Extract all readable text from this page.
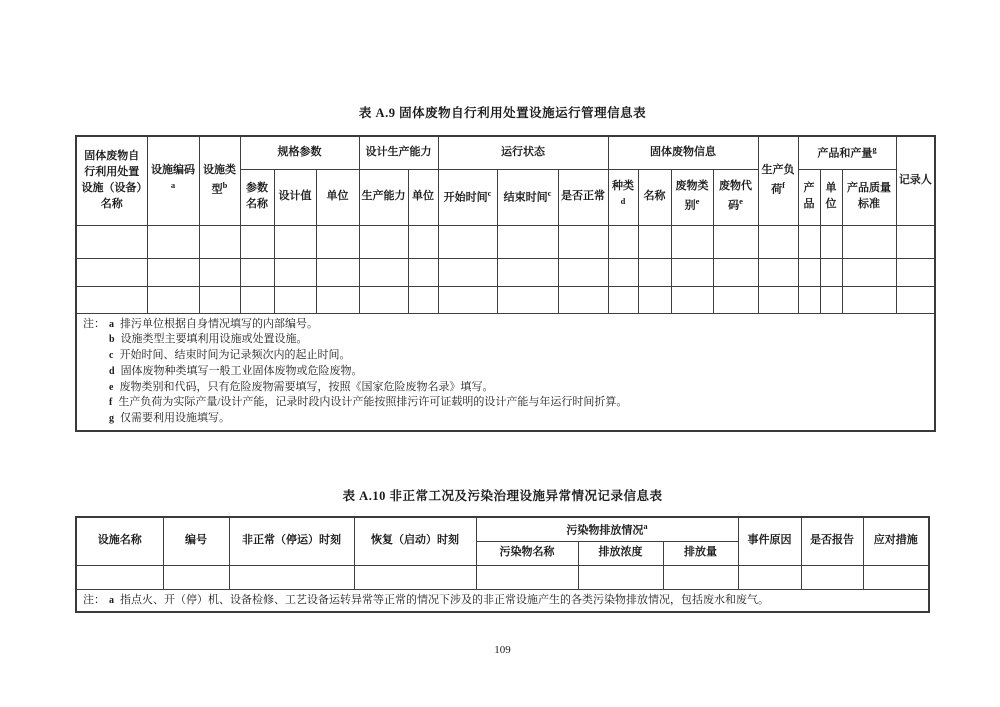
表 A.9 固体废物自行利用处置设施运行管理信息表
固体废物自行利用处置设施（设备）名称	设施编码$^a$	设施类型$^b$	规格参数			设计生产能力		运行状态			固体废物信息				生产负荷$^f$	产品和产量$^g$			记录人
			参数名称	设计值	单位	生产能力	单位	开始时间$^c$	结束时间$^c$	是否正常	种类$^d$	名称	废物类别$^e$	废物代码$^e$		产品	单位	产品质量标准	

注： a 排污单位根据自身情况填写的内部编号。
b 设施类型主要填利用设施或处置设施。
c 开始时间、结束时间为记录频次内的起止时间。
d 固体废物种类填写一般工业固体废物或危险废物。
e 废物类别和代码，只有危险废物需要填写，按照《国家危险废物名录》填写。
f 生产负荷为实际产量/设计产能，记录时段内设计产能按照排污许可证载明的设计产能与年运行时间折算。
g 仅需要利用设施填写。
表 A.10 非正常工况及污染治理设施异常情况记录信息表
设施名称	编号	非正常（停运）时刻	恢复（启动）时刻	污染物排放情况$^a$			事件原因	是否报告	应对措施
				污染物名称	排放浓度	排放量			

注： a 指点火、开（停）机、设备检修、工艺设备运转异常等正常的情况下涉及的非正常设施产生的各类污染物排放情况，包括废水和废气。									
109
